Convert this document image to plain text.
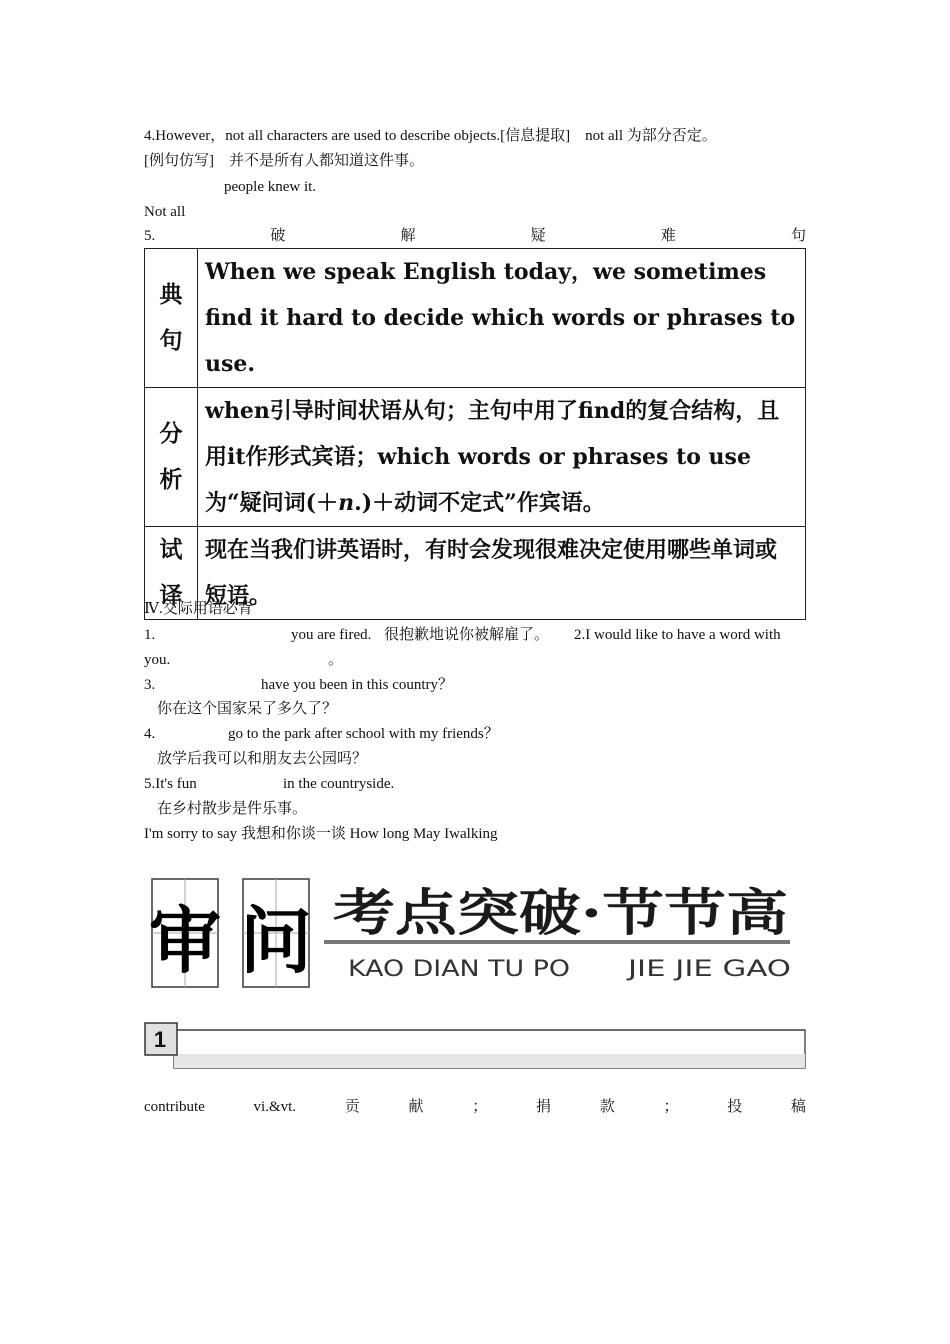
4.However，not all characters are used to describe objects.[信息提取]　not all 为部分否定。
[例句仿写]　并不是所有人都知道这件事。
people knew it.
Not all
5.	破	解	疑	难	句
典
句	When we speak English today，we sometimes find it hard to decide which words or phrases to use.

分
析	when引导时间状语从句；主句中用了find的复合结构，且用it作形式宾语；which words or phrases to use为“疑问词(＋n.)＋动词不定式”作宾语。

试
译	现在当我们讲英语时，有时会发现很难决定使用哪些单词或短语。
Ⅳ.交际用语必背
1.	you are fired. 很抱歉地说你被解雇了。 2.I would like to have a word with
you.	。
3.	have you been in this country？
你在这个国家呆了多久了？
4.	go to the park after school with my friends？
放学后我可以和朋友去公园吗？
5.It's fun	in the countryside.
在乡村散步是件乐事。
I'm sorry to say 我想和你谈一谈 How long May Iwalking
审 问 考点突破·节节高
KAO DIAN TU PO	JIE JIE GAO
1
contribute	vi.&vt.	贡	献	；	捐	款	；	投	稿
